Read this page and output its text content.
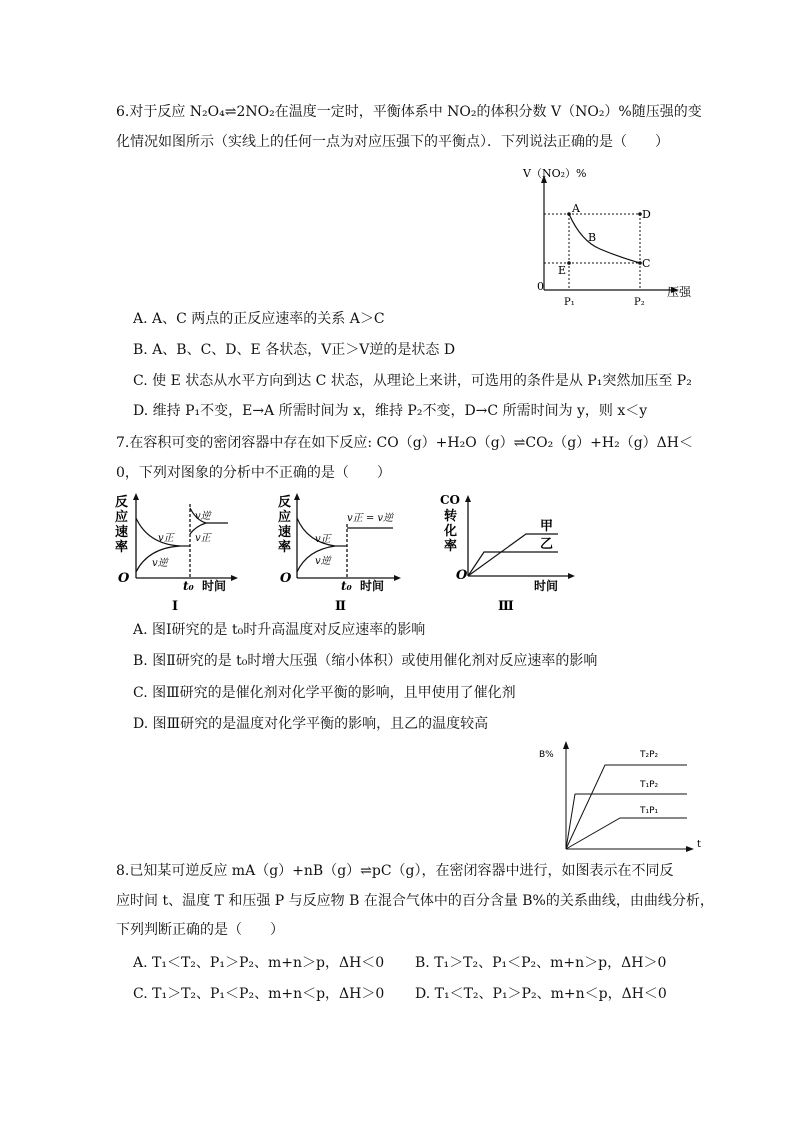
6.对于反应 N₂O₄⇌2NO₂在温度一定时，平衡体系中 NO₂的体积分数 V（NO₂）%随压强的变
化情况如图所示（实线上的任何一点为对应压强下的平衡点）．下列说法正确的是（　　）
V（NO₂）%
压强
0
A
B
C
D
E
P₁	P₂
A. A、C 两点的正反应速率的关系 A＞C
B. A、B、C、D、E 各状态，V正＞V逆的是状态 D
C. 使 E 状态从水平方向到达 C 状态，从理论上来讲，可选用的条件是从 P₁突然加压至 P₂
D. 维持 P₁不变，E→A 所需时间为 x，维持 P₂不变，D→C 所需时间为 y，则 x＜y
7.在容积可变的密闭容器中存在如下反应: CO（g）+H₂O（g）⇌CO₂（g）+H₂（g）ΔH＜
0，下列对图象的分析中不正确的是（　　）
反
应
速
率
v正
v逆
v逆
v正
O	t₀ 时间
Ⅰ
反
应
速
率
v正
v逆
v正 = v逆
O	t₀ 时间
Ⅱ
CO
转
化
率
甲
乙
O
时间
Ⅲ
A. 图Ⅰ研究的是 t₀时升高温度对反应速率的影响
B. 图Ⅱ研究的是 t₀时增大压强（缩小体积）或使用催化剂对反应速率的影响
C. 图Ⅲ研究的是催化剂对化学平衡的影响，且甲使用了催化剂
D. 图Ⅲ研究的是温度对化学平衡的影响，且乙的温度较高
B%
t
T₂P₂
T₁P₂
T₁P₁
8.已知某可逆反应 mA（g）+nB（g）⇌pC（g），在密闭容器中进行，如图表示在不同反
应时间 t、温度 T 和压强 P 与反应物 B 在混合气体中的百分含量 B%的关系曲线，由曲线分析，
下列判断正确的是（　　）
A. T₁＜T₂、P₁＞P₂、m+n＞p，ΔH＜0 B. T₁＞T₂、P₁＜P₂、m+n＞p，ΔH＞0
C. T₁＞T₂、P₁＜P₂、m+n＜p，ΔH＞0 D. T₁＜T₂、P₁＞P₂、m+n＜p，ΔH＜0
